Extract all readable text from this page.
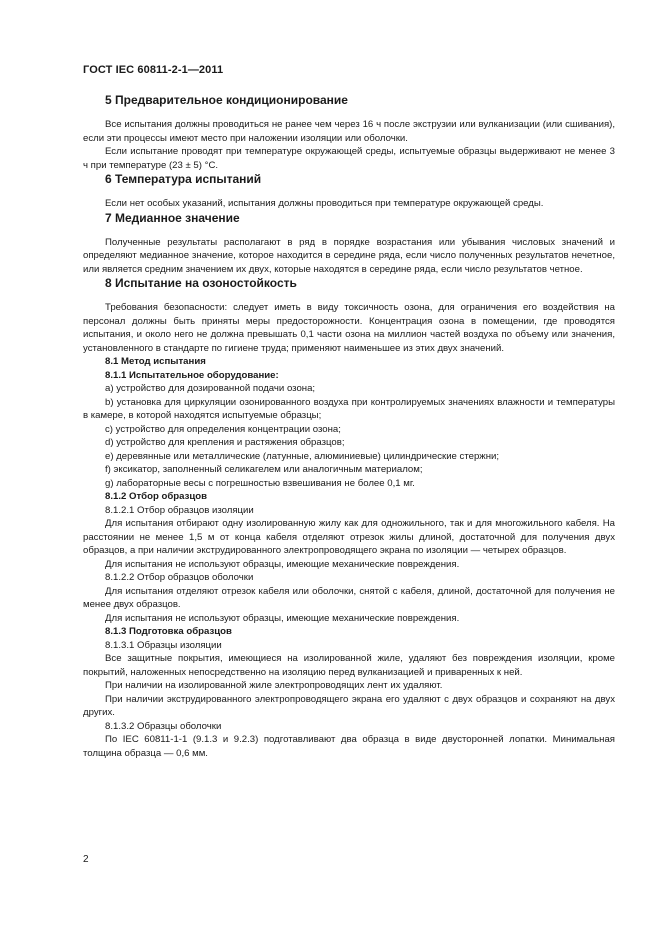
ГОСТ IEC 60811-2-1—2011
5 Предварительное кондиционирование

Все испытания должны проводиться не ранее чем через 16 ч после экструзии или вулканизации (или сшивания), если эти процессы имеют место при наложении изоляции или оболочки.

Если испытание проводят при температуре окружающей среды, испытуемые образцы выдерживают не менее 3 ч при температуре (23 ± 5) °С.

6 Температура испытаний

Если нет особых указаний, испытания должны проводиться при температуре окружающей среды.

7 Медианное значение

Полученные результаты располагают в ряд в порядке возрастания или убывания числовых значений и определяют медианное значение, которое находится в середине ряда, если число полученных результатов нечетное, или является средним значением их двух, которые находятся в середине ряда, если число результатов четное.

8 Испытание на озоностойкость

Требования безопасности: следует иметь в виду токсичность озона, для ограничения его воздействия на персонал должны быть приняты меры предосторожности. Концентрация озона в помещении, где проводятся испытания, и около него не должна превышать 0,1 части озона на миллион частей воздуха по объему или значения, установленного в стандарте по гигиене труда; применяют наименьшее из этих двух значений.

8.1 Метод испытания

8.1.1 Испытательное оборудование:

a) устройство для дозированной подачи озона;

b) установка для циркуляции озонированного воздуха при контролируемых значениях влажности и температуры в камере, в которой находятся испытуемые образцы;

c) устройство для определения концентрации озона;

d) устройство для крепления и растяжения образцов;

e) деревянные или металлические (латунные, алюминиевые) цилиндрические стержни;

f) эксикатор, заполненный селикагелем или аналогичным материалом;

g) лабораторные весы с погрешностью взвешивания не более 0,1 мг.

8.1.2 Отбор образцов

8.1.2.1 Отбор образцов изоляции

Для испытания отбирают одну изолированную жилу как для одножильного, так и для многожильного кабеля. На расстоянии не менее 1,5 м от конца кабеля отделяют отрезок жилы длиной, достаточной для получения двух образцов, а при наличии экструдированного электропроводящего экрана по изоляции — четырех образцов.

Для испытания не используют образцы, имеющие механические повреждения.

8.1.2.2 Отбор образцов оболочки

Для испытания отделяют отрезок кабеля или оболочки, снятой с кабеля, длиной, достаточной для получения не менее двух образцов.

Для испытания не используют образцы, имеющие механические повреждения.

8.1.3 Подготовка образцов

8.1.3.1 Образцы изоляции

Все защитные покрытия, имеющиеся на изолированной жиле, удаляют без повреждения изоляции, кроме покрытий, наложенных непосредственно на изоляцию перед вулканизацией и приваренных к ней.

При наличии на изолированной жиле электропроводящих лент их удаляют.

При наличии экструдированного электропроводящего экрана его удаляют с двух образцов и сохраняют на двух других.

8.1.3.2 Образцы оболочки

По IEC 60811-1-1 (9.1.3 и 9.2.3) подготавливают два образца в виде двусторонней лопатки. Минимальная толщина образца — 0,6 мм.

2
